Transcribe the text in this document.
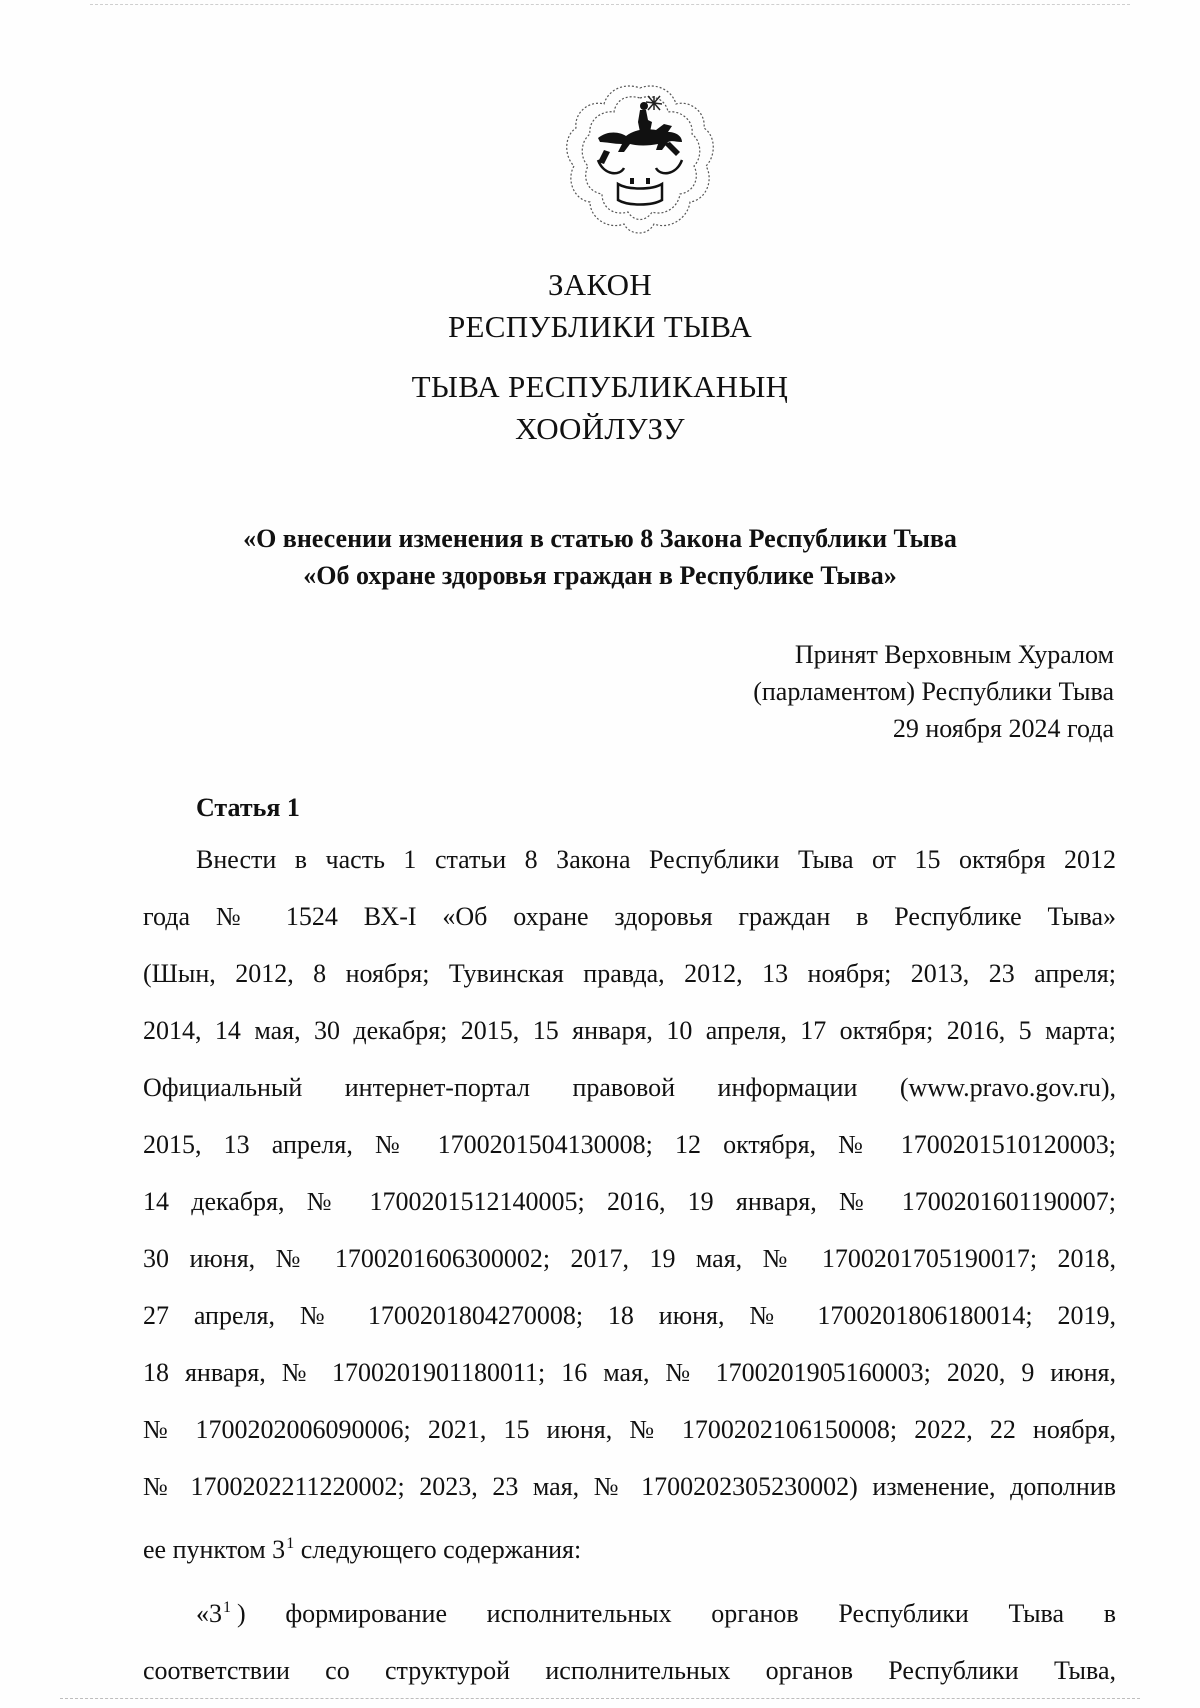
ЗАКОН
РЕСПУБЛИКИ ТЫВА
ТЫВА РЕСПУБЛИКАНЫҢ
ХООЙЛУЗУ
«О внесении изменения в статью 8 Закона Республики Тыва
«Об охране здоровья граждан в Республике Тыва»
Принят Верховным Хуралом
(парламентом) Республики Тыва
29 ноября 2024 года
Статья 1
Внести в часть 1 статьи 8 Закона Республики Тыва от 15 октября 2012
года № 1524 ВХ-I «Об охране здоровья граждан в Республике Тыва»
(Шын, 2012, 8 ноября; Тувинская правда, 2012, 13 ноября; 2013, 23 апреля;
2014, 14 мая, 30 декабря; 2015, 15 января, 10 апреля, 17 октября; 2016, 5 марта;
Официальный интернет-портал правовой информации (www.pravo.gov.ru),
2015, 13 апреля, № 1700201504130008; 12 октября, № 1700201510120003;
14 декабря, № 1700201512140005; 2016, 19 января, № 1700201601190007;
30 июня, № 1700201606300002; 2017, 19 мая, № 1700201705190017; 2018,
27 апреля, № 1700201804270008; 18 июня, № 1700201806180014; 2019,
18 января, № 1700201901180011; 16 мая, № 1700201905160003; 2020, 9 июня,
№ 1700202006090006; 2021, 15 июня, № 1700202106150008; 2022, 22 ноября,
№ 1700202211220002; 2023, 23 мая, № 1700202305230002) изменение, дополнив
ее пунктом $3^1$ следующего содержания:
«$3^1$ ) формирование исполнительных органов Республики Тыва в
соответствии со структурой исполнительных органов Республики Тыва,
